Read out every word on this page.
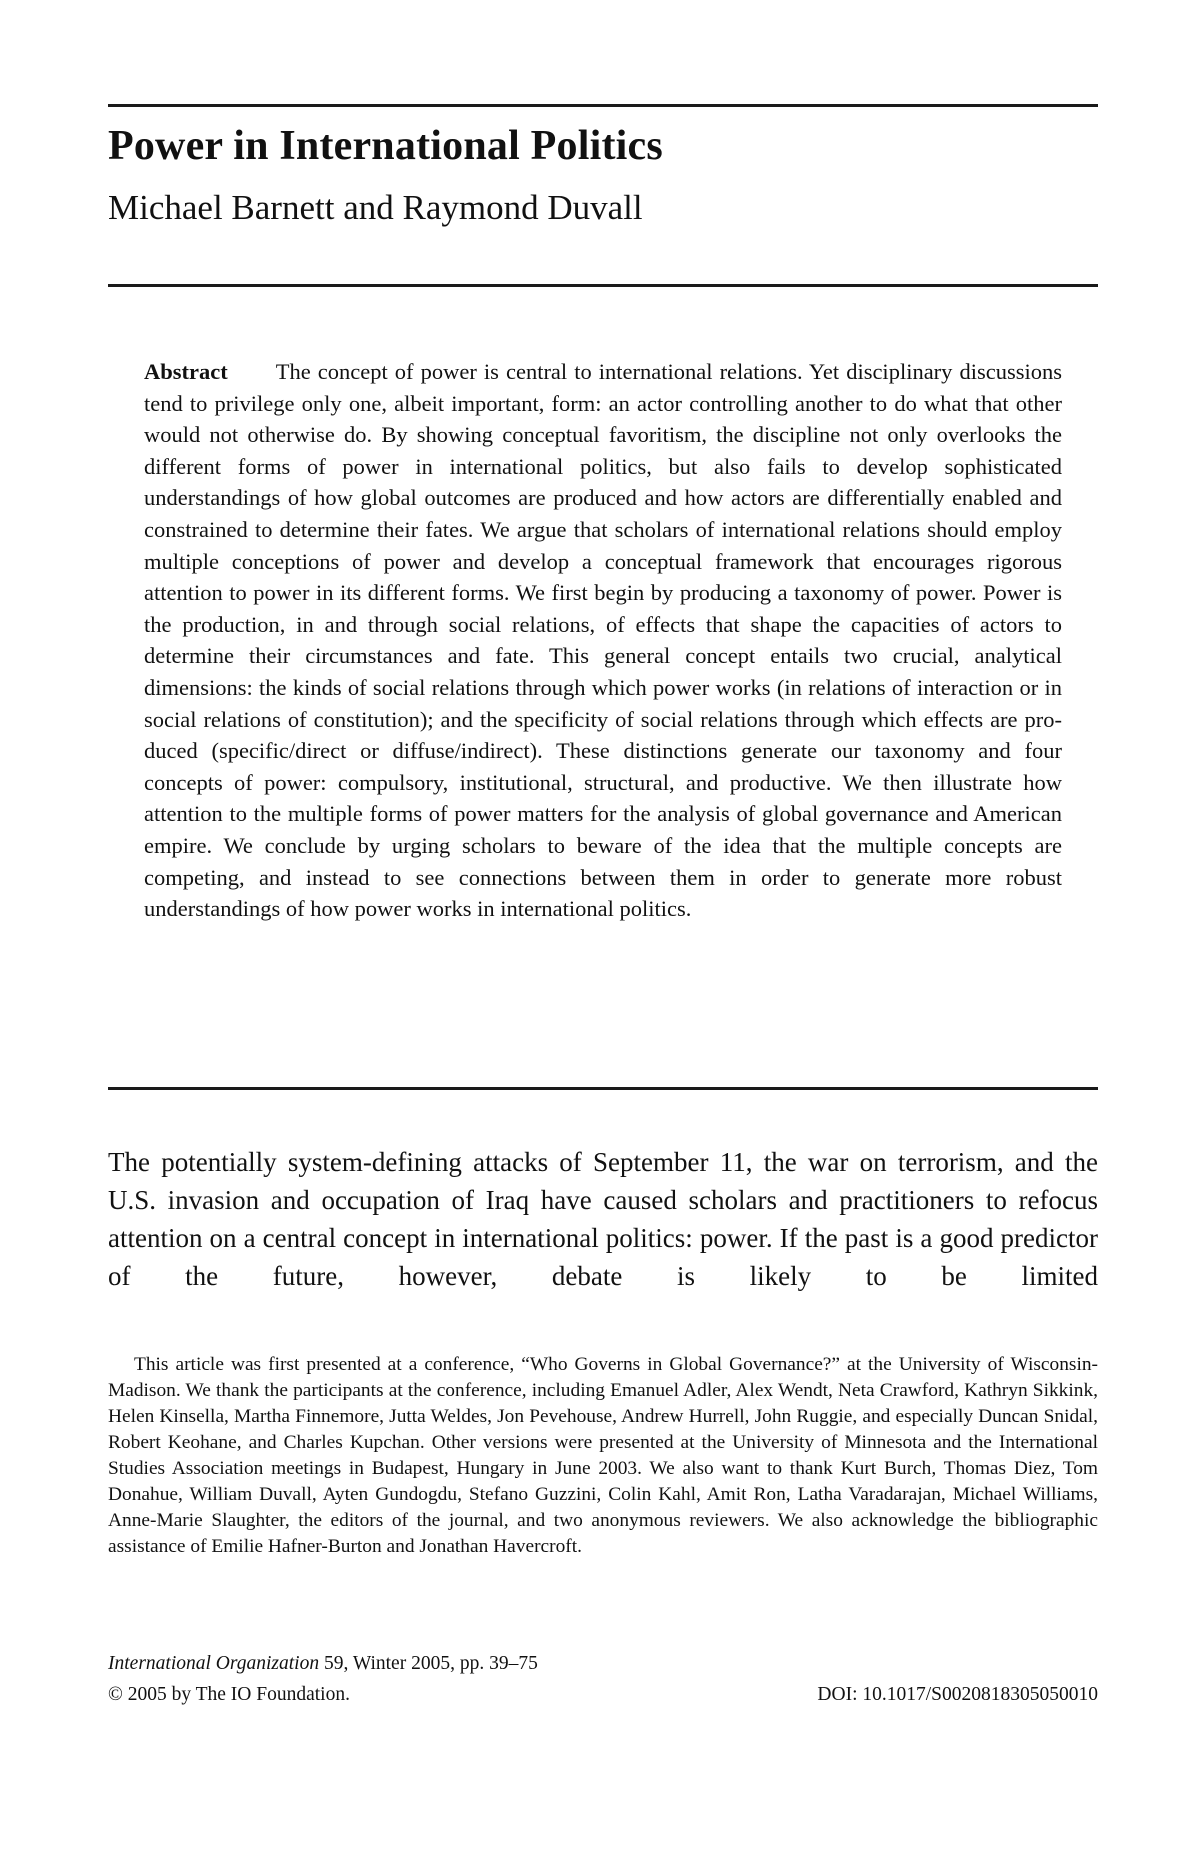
Power in International Politics
Michael Barnett and Raymond Duvall
Abstract The concept of power is central to international relations. Yet disciplinary discussions tend to privilege only one, albeit important, form: an actor controlling another to do what that other would not otherwise do. By showing conceptual favoritism, the discipline not only overlooks the different forms of power in international politics, but also fails to develop sophisticated understandings of how global outcomes are produced and how actors are differentially enabled and constrained to determine their fates. We argue that scholars of international relations should employ multiple conceptions of power and develop a conceptual framework that encourages rigorous attention to power in its different forms. We first begin by producing a taxonomy of power. Power is the production, in and through social relations, of effects that shape the capacities of actors to determine their circumstances and fate. This general concept entails two crucial, analytical dimensions: the kinds of social relations through which power works (in relations of interaction or in social relations of constitution); and the specificity of social relations through which effects are produced (specific/direct or diffuse/indirect). These distinctions generate our taxonomy and four concepts of power: compulsory, institutional, structural, and productive. We then illustrate how attention to the multiple forms of power matters for the analysis of global governance and American empire. We conclude by urging scholars to beware of the idea that the multiple concepts are competing, and instead to see connections between them in order to generate more robust understandings of how power works in international politics.

The potentially system-defining attacks of September 11, the war on terrorism, and the U.S. invasion and occupation of Iraq have caused scholars and practitioners to refocus attention on a central concept in international politics: power. If the past is a good predictor of the future, however, debate is likely to be limited

This article was first presented at a conference, “Who Governs in Global Governance?” at the University of Wisconsin-Madison. We thank the participants at the conference, including Emanuel Adler, Alex Wendt, Neta Crawford, Kathryn Sikkink, Helen Kinsella, Martha Finnemore, Jutta Weldes, Jon Pevehouse, Andrew Hurrell, John Ruggie, and especially Duncan Snidal, Robert Keohane, and Charles Kupchan. Other versions were presented at the University of Minnesota and the International Studies Association meetings in Budapest, Hungary in June 2003. We also want to thank Kurt Burch, Thomas Diez, Tom Donahue, William Duvall, Ayten Gundogdu, Stefano Guzzini, Colin Kahl, Amit Ron, Latha Varadarajan, Michael Williams, Anne-Marie Slaughter, the editors of the journal, and two anonymous reviewers. We also acknowledge the bibliographic assistance of Emilie Hafner-Burton and Jonathan Havercroft.

International Organization 59, Winter 2005, pp. 39–75
© 2005 by The IO Foundation.	DOI: 10.1017/S0020818305050010
